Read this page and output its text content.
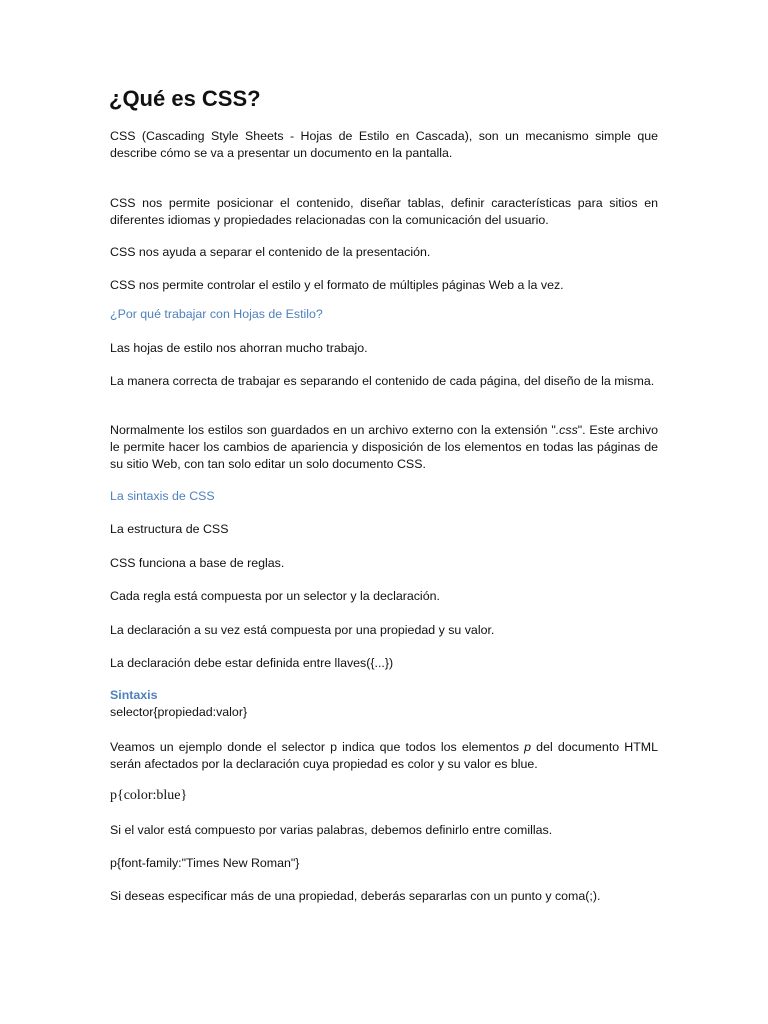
¿Qué es CSS?

CSS (Cascading Style Sheets - Hojas de Estilo en Cascada), son un mecanismo simple que describe cómo se va a presentar un documento en la pantalla.

CSS nos permite posicionar el contenido, diseñar tablas, definir características para sitios en diferentes idiomas y propiedades relacionadas con la comunicación del usuario.

CSS nos ayuda a separar el contenido de la presentación.

CSS nos permite controlar el estilo y el formato de múltiples páginas Web a la vez.

¿Por qué trabajar con Hojas de Estilo?

Las hojas de estilo nos ahorran mucho trabajo.

La manera correcta de trabajar es separando el contenido de cada página, del diseño de la misma.

Normalmente los estilos son guardados en un archivo externo con la extensión ".css". Este archivo le permite hacer los cambios de apariencia y disposición de los elementos en todas las páginas de su sitio Web, con tan solo editar un solo documento CSS.

La sintaxis de CSS

La estructura de CSS

CSS funciona a base de reglas.

Cada regla está compuesta por un selector y la declaración.

La declaración a su vez está compuesta por una propiedad y su valor.

La declaración debe estar definida entre llaves({...})

Sintaxis

selector{propiedad:valor}

Veamos un ejemplo donde el selector p indica que todos los elementos p del documento HTML serán afectados por la declaración cuya propiedad es color y su valor es blue.

p{color:blue}

Si el valor está compuesto por varias palabras, debemos definirlo entre comillas.

p{font-family:"Times New Roman"}

Si deseas especificar más de una propiedad, deberás separarlas con un punto y coma(;).
